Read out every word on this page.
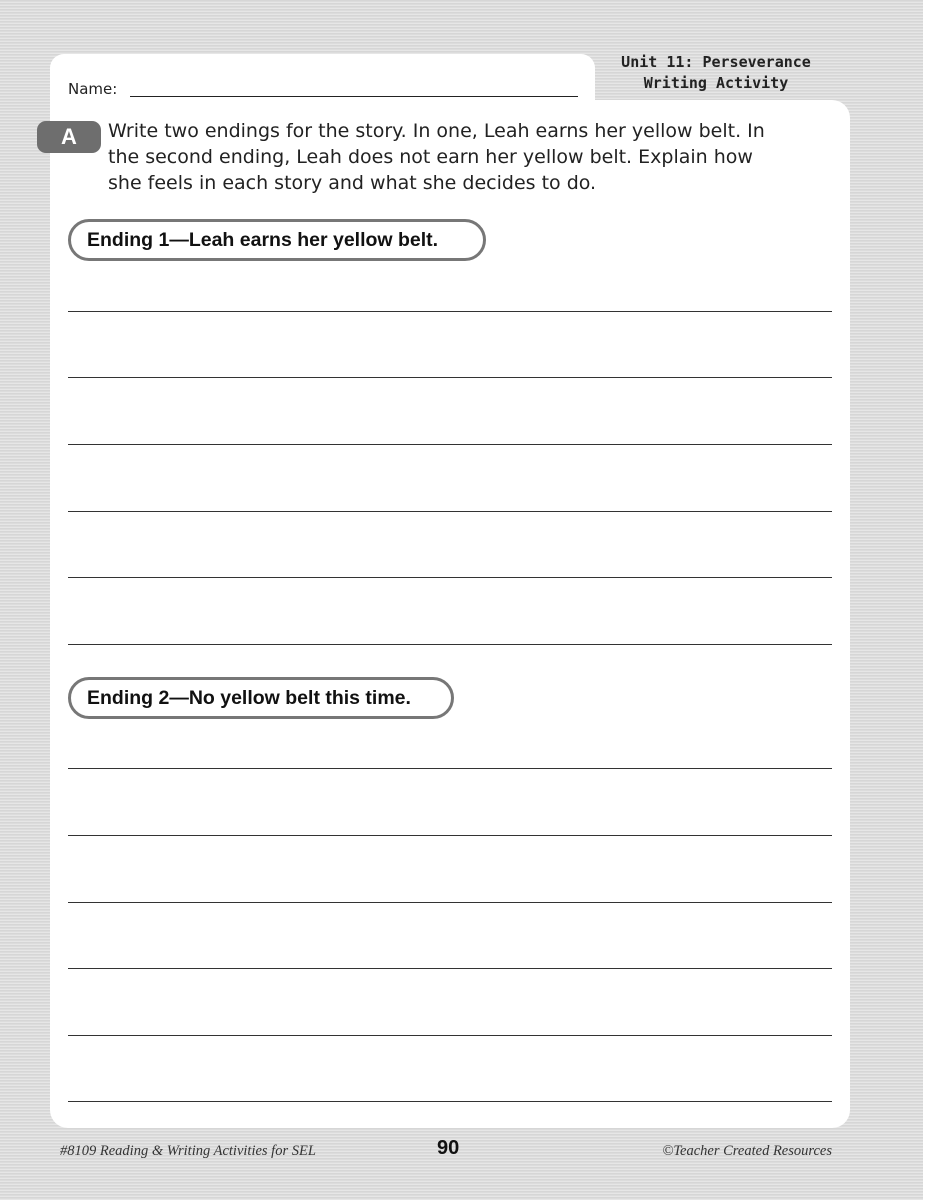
Name:
Unit 11: Perseverance
Writing Activity
A	Write two endings for the story. In one, Leah earns her yellow belt. In
the second ending, Leah does not earn her yellow belt. Explain how
she feels in each story and what she decides to do.
Ending 1—Leah earns her yellow belt.
Ending 2—No yellow belt this time.
#8109 Reading & Writing Activities for SEL	90	©Teacher Created Resources
